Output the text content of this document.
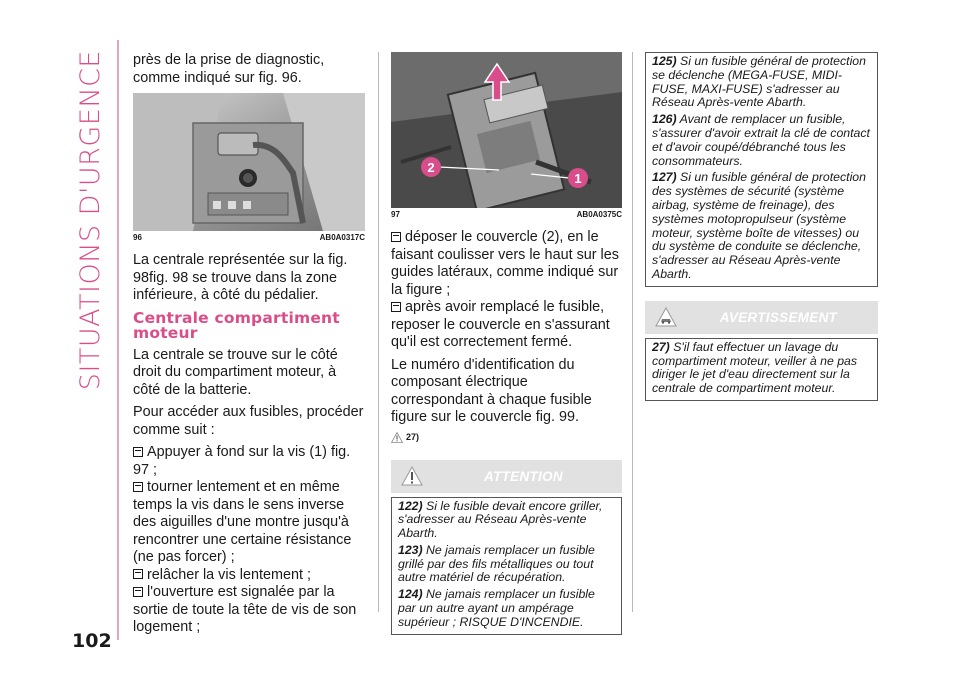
SITUATIONS D'URGENCE
102
près de la prise de diagnostic, comme indiqué sur fig. 96.
96	AB0A0317C
La centrale représentée sur la fig. 98fig. 98 se trouve dans la zone inférieure, à côté du pédalier.
Centrale compartiment moteur
La centrale se trouve sur le côté droit du compartiment moteur, à côté de la batterie.
Pour accéder aux fusibles, procéder comme suit :
Appuyer à fond sur la vis (1) fig. 97 ;
tourner lentement et en même temps la vis dans le sens inverse des aiguilles d'une montre jusqu'à rencontrer une certaine résistance (ne pas forcer) ;
relâcher la vis lentement ;
l'ouverture est signalée par la sortie de toute la tête de vis de son logement ;
2
1
97	AB0A0375C
déposer le couvercle (2), en le faisant coulisser vers le haut sur les guides latéraux, comme indiqué sur la figure ;
après avoir remplacé le fusible, reposer le couvercle en s'assurant qu'il est correctement fermé.
Le numéro d'identification du composant électrique correspondant à chaque fusible figure sur le couvercle fig. 99.
27)
ATTENTION
122) Si le fusible devait encore griller, s'adresser au Réseau Après-vente Abarth.
123) Ne jamais remplacer un fusible grillé par des fils métalliques ou tout autre matériel de récupération.
124) Ne jamais remplacer un fusible par un autre ayant un ampérage supérieur ; RISQUE D'INCENDIE.
125) Si un fusible général de protection se déclenche (MEGA-FUSE, MIDI-FUSE, MAXI-FUSE) s'adresser au Réseau Après-vente Abarth.
126) Avant de remplacer un fusible, s'assurer d'avoir extrait la clé de contact et d'avoir coupé/débranché tous les consommateurs.
127) Si un fusible général de protection des systèmes de sécurité (système airbag, système de freinage), des systèmes motopropulseur (système moteur, système boîte de vitesses) ou du système de conduite se déclenche, s'adresser au Réseau Après-vente Abarth.
AVERTISSEMENT
27) S'il faut effectuer un lavage du compartiment moteur, veiller à ne pas diriger le jet d'eau directement sur la centrale de compartiment moteur.
